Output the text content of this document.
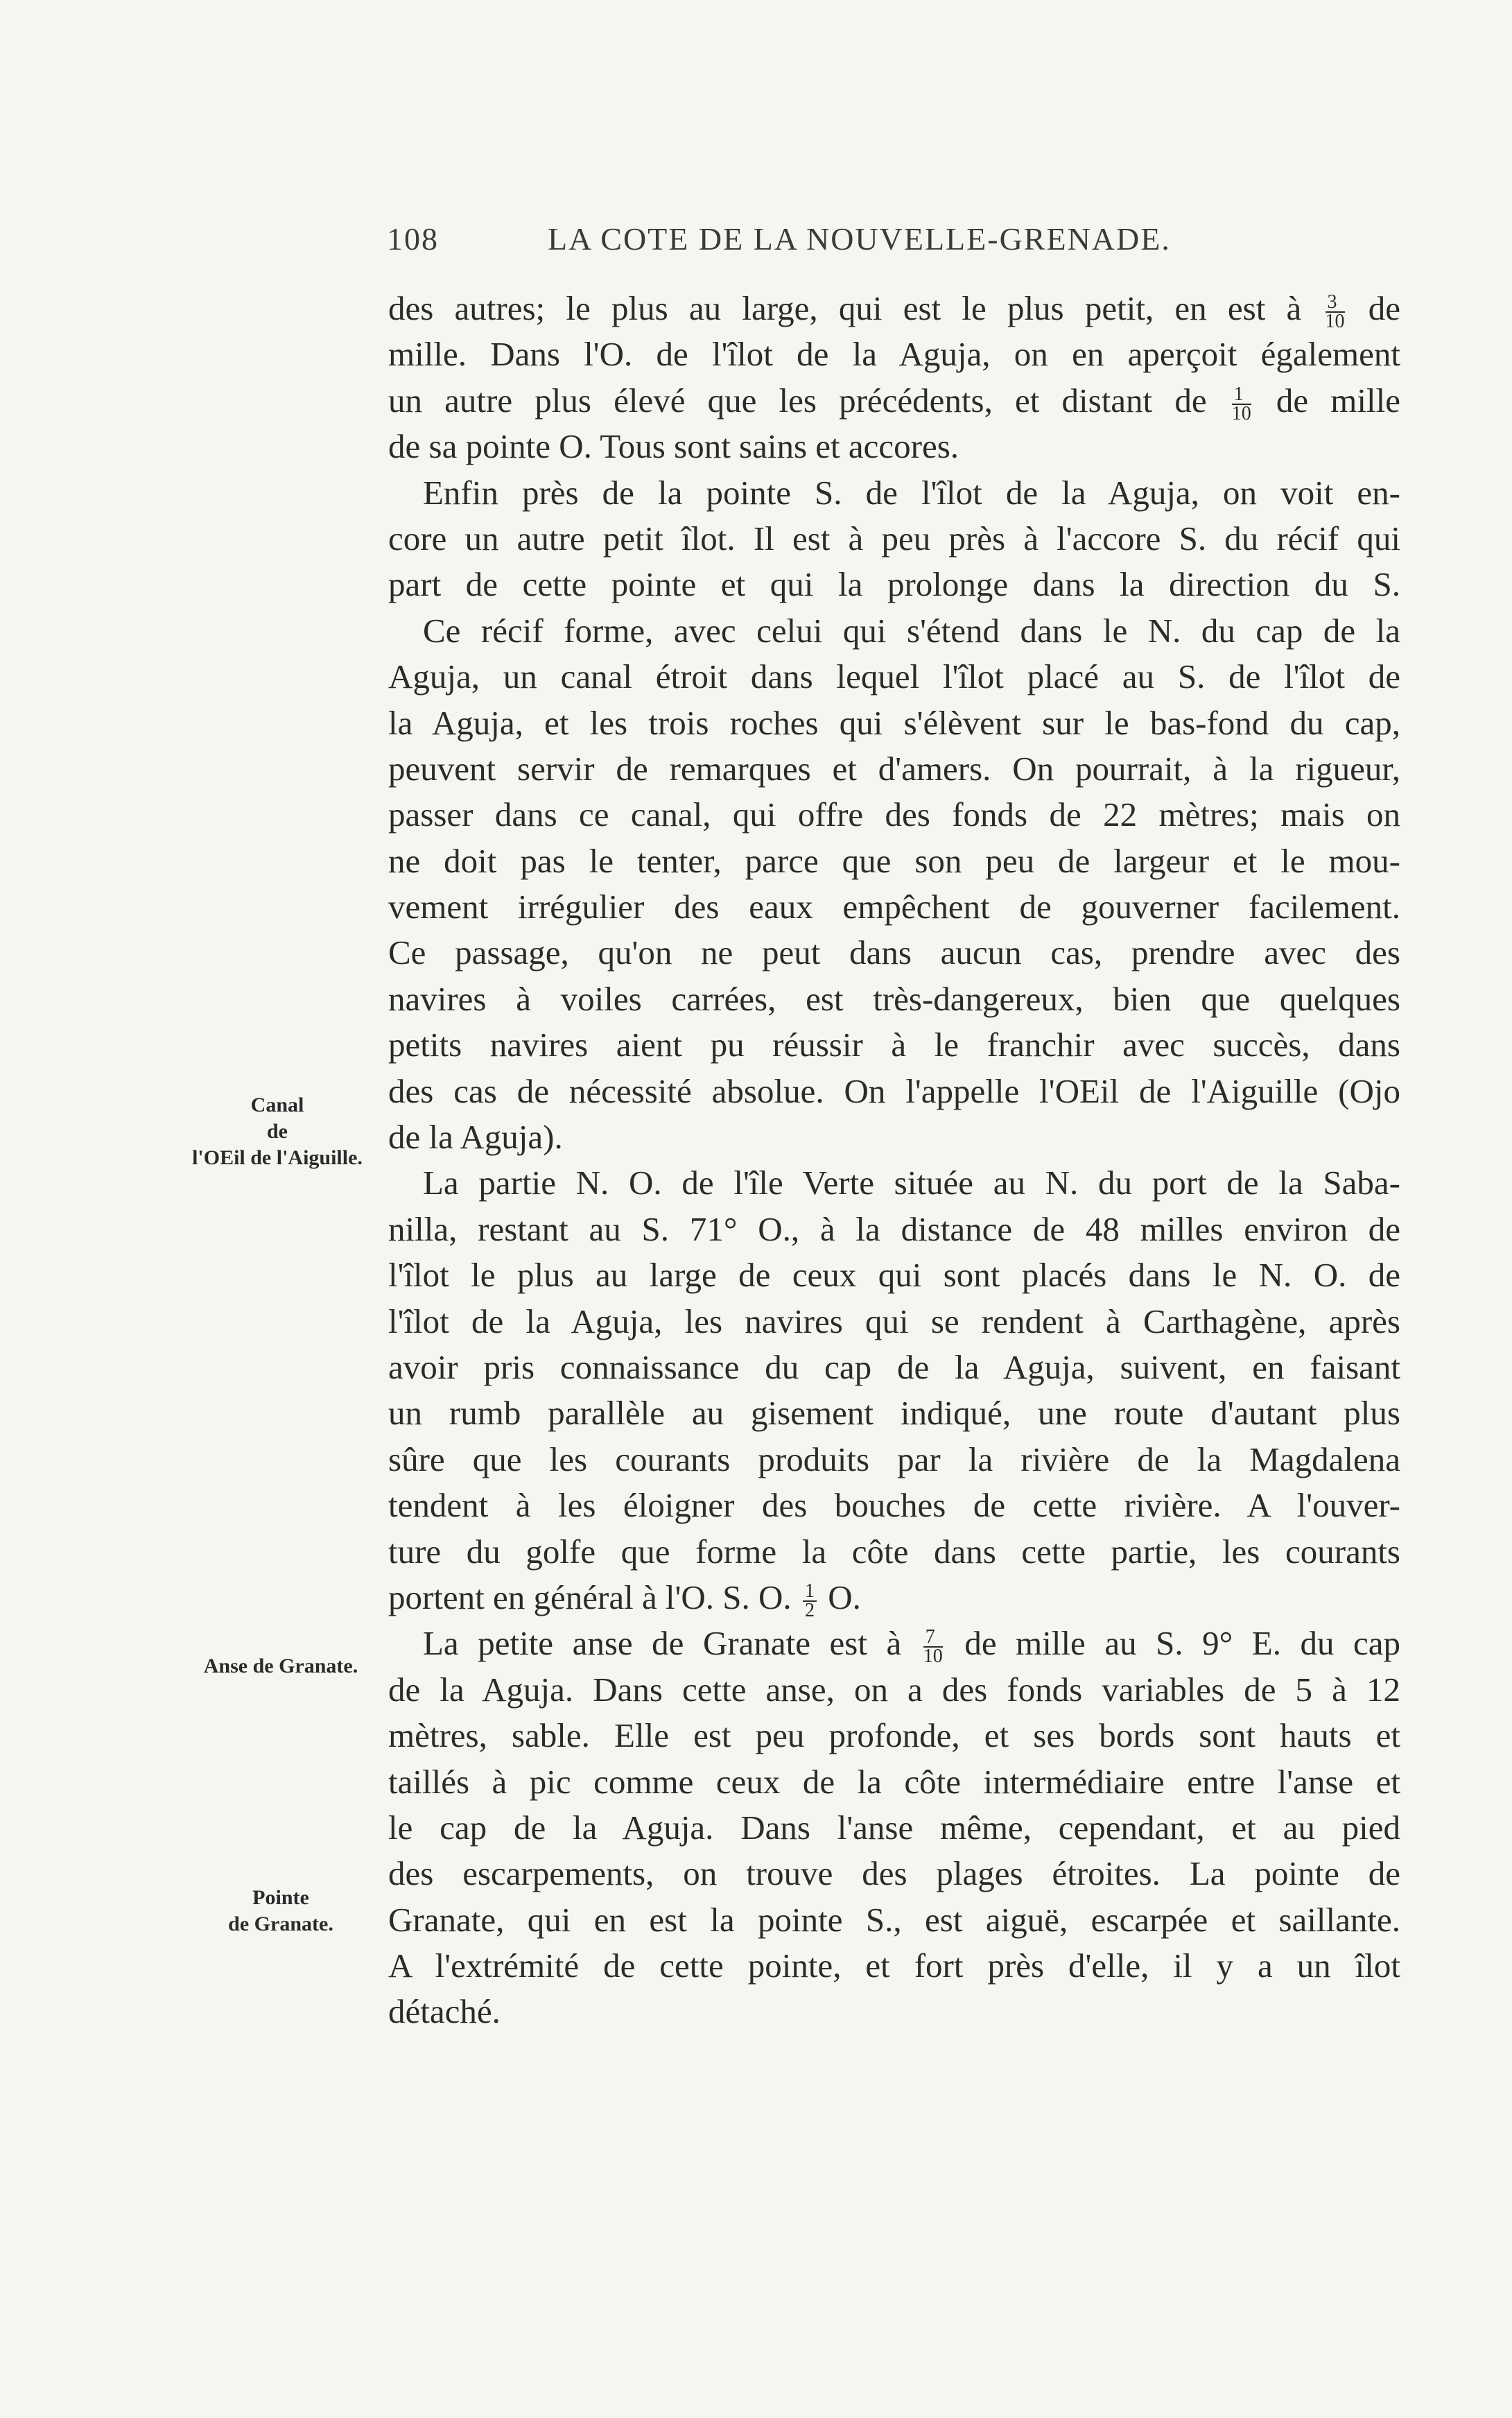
108	LA COTE DE LA NOUVELLE-GRENADE.
Canal
de
l'OEil de l'Aiguille.
Anse de Granate.
Pointe
de Granate.
des autres; le plus au large, qui est le plus petit, en est à $\frac{3}{10}$ de
mille. Dans l'O. de l'îlot de la Aguja, on en aperçoit également
un autre plus élevé que les précédents, et distant de $\frac{1}{10}$ de mille
de sa pointe O. Tous sont sains et accores.
Enfin près de la pointe S. de l'îlot de la Aguja, on voit en-
core un autre petit îlot. Il est à peu près à l'accore S. du récif qui
part de cette pointe et qui la prolonge dans la direction du S.
Ce récif forme, avec celui qui s'étend dans le N. du cap de la
Aguja, un canal étroit dans lequel l'îlot placé au S. de l'îlot de
la Aguja, et les trois roches qui s'élèvent sur le bas-fond du cap,
peuvent servir de remarques et d'amers. On pourrait, à la rigueur,
passer dans ce canal, qui offre des fonds de 22 mètres; mais on
ne doit pas le tenter, parce que son peu de largeur et le mou-
vement irrégulier des eaux empêchent de gouverner facilement.
Ce passage, qu'on ne peut dans aucun cas, prendre avec des
navires à voiles carrées, est très-dangereux, bien que quelques
petits navires aient pu réussir à le franchir avec succès, dans
des cas de nécessité absolue. On l'appelle l'OEil de l'Aiguille (Ojo
de la Aguja).
La partie N. O. de l'île Verte située au N. du port de la Saba-
nilla, restant au S. 71° O., à la distance de 48 milles environ de
l'îlot le plus au large de ceux qui sont placés dans le N. O. de
l'îlot de la Aguja, les navires qui se rendent à Carthagène, après
avoir pris connaissance du cap de la Aguja, suivent, en faisant
un rumb parallèle au gisement indiqué, une route d'autant plus
sûre que les courants produits par la rivière de la Magdalena
tendent à les éloigner des bouches de cette rivière. A l'ouver-
ture du golfe que forme la côte dans cette partie, les courants
portent en général à l'O. S. O. $\frac{1}{2} O$.
La petite anse de Granate est à $\frac{7}{10}$ de mille au S. 9° E. du cap
de la Aguja. Dans cette anse, on a des fonds variables de 5 à 12
mètres, sable. Elle est peu profonde, et ses bords sont hauts et
taillés à pic comme ceux de la côte intermédiaire entre l'anse et
le cap de la Aguja. Dans l'anse même, cependant, et au pied
des escarpements, on trouve des plages étroites. La pointe de
Granate, qui en est la pointe S., est aiguë, escarpée et saillante.
A l'extrémité de cette pointe, et fort près d'elle, il y a un îlot
détaché.
